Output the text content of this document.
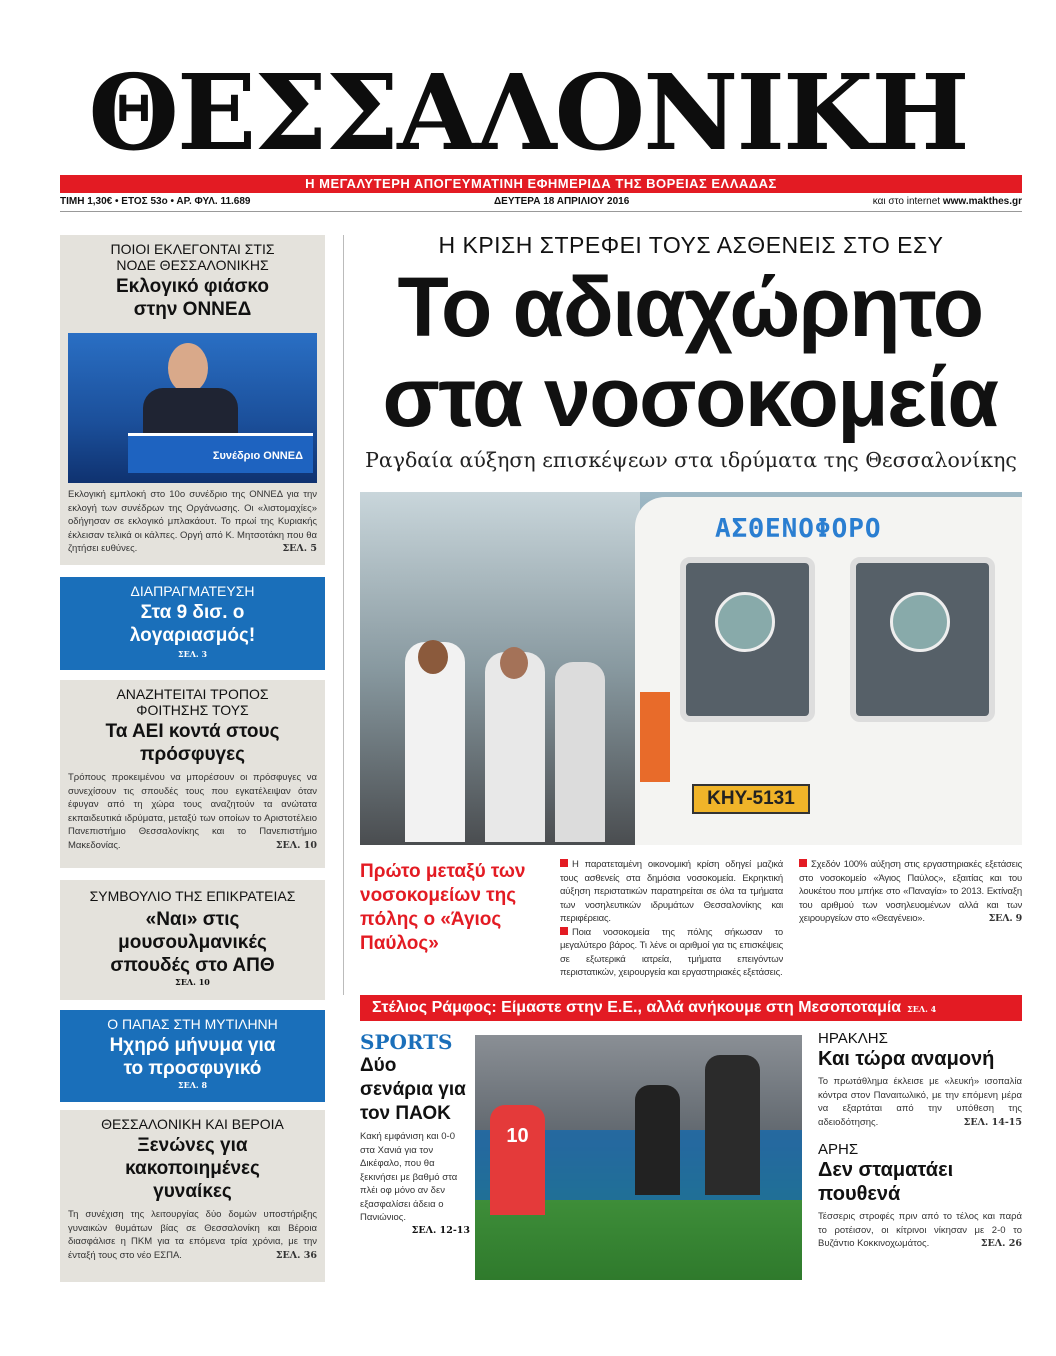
ΘΕΣΣΑΛΟΝΙΚΗ
Η ΜΕΓΑΛΥΤΕΡΗ ΑΠΟΓΕΥΜΑΤΙΝΗ ΕΦΗΜΕΡΙΔΑ ΤΗΣ ΒΟΡΕΙΑΣ ΕΛΛΑΔΑΣ
ΤΙΜΗ 1,30€ • ΕΤΟΣ 53ο • ΑΡ. ΦΥΛ. 11.689	ΔΕΥΤΕΡΑ 18 ΑΠΡΙΛΙΟΥ 2016	και στο internet www.makthes.gr
ΠΟΙΟΙ ΕΚΛΕΓΟΝΤΑΙ ΣΤΙΣ ΝΟΔΕ ΘΕΣΣΑΛΟΝΙΚΗΣ
Εκλογικό φιάσκο στην ΟΝΝΕΔ
Συνέδριο ΟΝΝΕΔ
Εκλογική εμπλοκή στο 10ο συνέδριο της ΟΝΝΕΔ για την εκλογή των συνέδρων της Οργάνωσης. Οι «λιστομαχίες» οδήγησαν σε εκλογικό μπλακάουτ. Το πρωί της Κυριακής έκλεισαν τελικά οι κάλπες. Οργή από Κ. Μητσοτάκη που θα ζητήσει ευθύνες.	ΣΕΛ. 5
ΔΙΑΠΡΑΓΜΑΤΕΥΣΗ
Στα 9 δισ. ο λογαριασμός!
ΣΕΛ. 3
ΑΝΑΖΗΤΕΙΤΑΙ ΤΡΟΠΟΣ ΦΟΙΤΗΣΗΣ ΤΟΥΣ
Τα ΑΕΙ κοντά στους πρόσφυγες
Τρόπους προκειμένου να μπορέσουν οι πρόσφυγες να συνεχίσουν τις σπουδές τους που εγκατέλειψαν όταν έφυγαν από τη χώρα τους αναζητούν τα ανώτατα εκπαιδευτικά ιδρύματα, μεταξύ των οποίων το Αριστοτέλειο Πανεπιστήμιο Θεσσαλονίκης και το Πανεπιστήμιο Μακεδονίας.	ΣΕΛ. 10
ΣΥΜΒΟΥΛΙΟ ΤΗΣ ΕΠΙΚΡΑΤΕΙΑΣ
«Ναι» στις μουσουλμανικές σπουδές στο ΑΠΘ
ΣΕΛ. 10
Ο ΠΑΠΑΣ ΣΤΗ ΜΥΤΙΛΗΝΗ
Ηχηρό μήνυμα για το προσφυγικό
ΣΕΛ. 8
ΘΕΣΣΑΛΟΝΙΚΗ ΚΑΙ ΒΕΡΟΙΑ
Ξενώνες για κακοποιημένες γυναίκες
Τη συνέχιση της λειτουργίας δύο δομών υποστήριξης γυναικών θυμάτων βίας σε Θεσσαλονίκη και Βέροια διασφάλισε η ΠΚΜ για τα επόμενα τρία χρόνια, με την ένταξή τους στο νέο ΕΣΠΑ.	ΣΕΛ. 36
Η ΚΡΙΣΗ ΣΤΡΕΦΕΙ ΤΟΥΣ ΑΣΘΕΝΕΙΣ ΣΤΟ ΕΣΥ
Το αδιαχώρητο
στα νοσοκομεία
Ραγδαία αύξηση επισκέψεων στα ιδρύματα της Θεσσαλονίκης
ΑΣΘΕΝΟΦΟΡΟ
ΚΗΥ-5131
Πρώτο μεταξύ των νοσοκομείων της πόλης ο «Άγιος Παύλος»

Η παρατεταμένη οικονομική κρίση οδηγεί μαζικά τους ασθενείς στα δημόσια νοσοκομεία. Εκρηκτική αύξηση περιστατικών παρατηρείται σε όλα τα τμήματα των νοσηλευτικών ιδρυμάτων Θεσσαλονίκης και περιφέρειας.

Ποια νοσοκομεία της πόλης σήκωσαν το μεγαλύτερο βάρος. Τι λένε οι αριθμοί για τις επισκέψεις σε εξωτερικά ιατρεία, τμήματα επειγόντων περιστατικών, χειρουργεία και εργαστηριακές εξετάσεις.

Σχεδόν 100% αύξηση στις εργαστηριακές εξετάσεις στο νοσοκομείο «Άγιος Παύλος», εξαιτίας και του λουκέτου που μπήκε στο «Παναγία» το 2013. Εκτίναξη του αριθμού των νοσηλευομένων αλλά και των χειρουργείων στο «Θεαγένειο».	ΣΕΛ. 9

Στέλιος Ράμφος: Είμαστε στην Ε.Ε., αλλά ανήκουμε στη Μεσοποταμία ΣΕΛ. 4
SPORTS
Δύο σενάρια για τον ΠΑΟΚ
Κακή εμφάνιση και 0-0 στα Χανιά για τον Δικέφαλο, που θα ξεκινήσει με βαθμό στα πλέι οφ μόνο αν δεν εξασφαλίσει άδεια ο Πανιώνιος.
ΣΕΛ. 12-13
10
ΗΡΑΚΛΗΣ
Και τώρα αναμονή
Το πρωτάθλημα έκλεισε με «λευκή» ισοπαλία κόντρα στον Παναιτωλικό, με την επόμενη μέρα να εξαρτάται από την υπόθεση της αδειοδότησης.	ΣΕΛ. 14-15
ΑΡΗΣ
Δεν σταματάει πουθενά
Τέσσερις στροφές πριν από το τέλος και παρά το ροτέισον, οι κίτρινοι νίκησαν με 2-0 το Βυζάντιο Κοκκινοχωμάτος.	ΣΕΛ. 26
